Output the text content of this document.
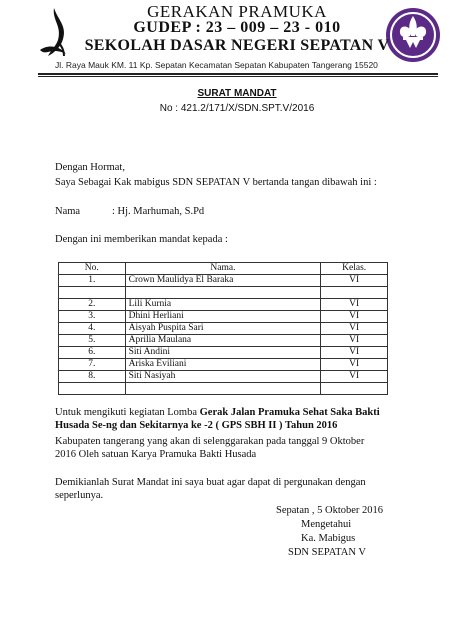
GERAKAN PRAMUKA
GUDEP : 23 – 009 – 23 - 010
SEKOLAH DASAR NEGERI SEPATAN V
Jl. Raya Mauk KM. 11 Kp. Sepatan Kecamatan Sepatan Kabupaten Tangerang 15520
SURAT MANDAT
No : 421.2/171/X/SDN.SPT.V/2016
Dengan Hormat,
Saya Sebagai Kak mabigus SDN SEPATAN V bertanda tangan dibawah ini :
Nama	: Hj. Marhumah, S.Pd
Dengan ini memberikan mandat kepada :
No.	Nama.	Kelas.
1.	Crown Maulidya El Baraka	VI

2.	Lili Kurnia	VI
3.	Dhini Herliani	VI
4.	Aisyah Puspita Sari	VI
5.	Aprilia Maulana	VI
6.	Siti Andini	VI
7.	Ariska Eviliani	VI
8.	Siti Nasiyah	VI

Untuk mengikuti kegiatan Lomba Gerak Jalan Pramuka Sehat Saka Bakti
Husada Se-ng dan Sekitarnya ke -2 ( GPS SBH II ) Tahun 2016
Kabupaten tangerang yang akan di selenggarakan pada tanggal 9 Oktober
2016 Oleh satuan Karya Pramuka Bakti Husada
Demikianlah Surat Mandat ini saya buat agar dapat di pergunakan dengan
seperlunya.
Sepatan , 5 Oktober 2016
Mengetahui
Ka. Mabigus
SDN SEPATAN V
